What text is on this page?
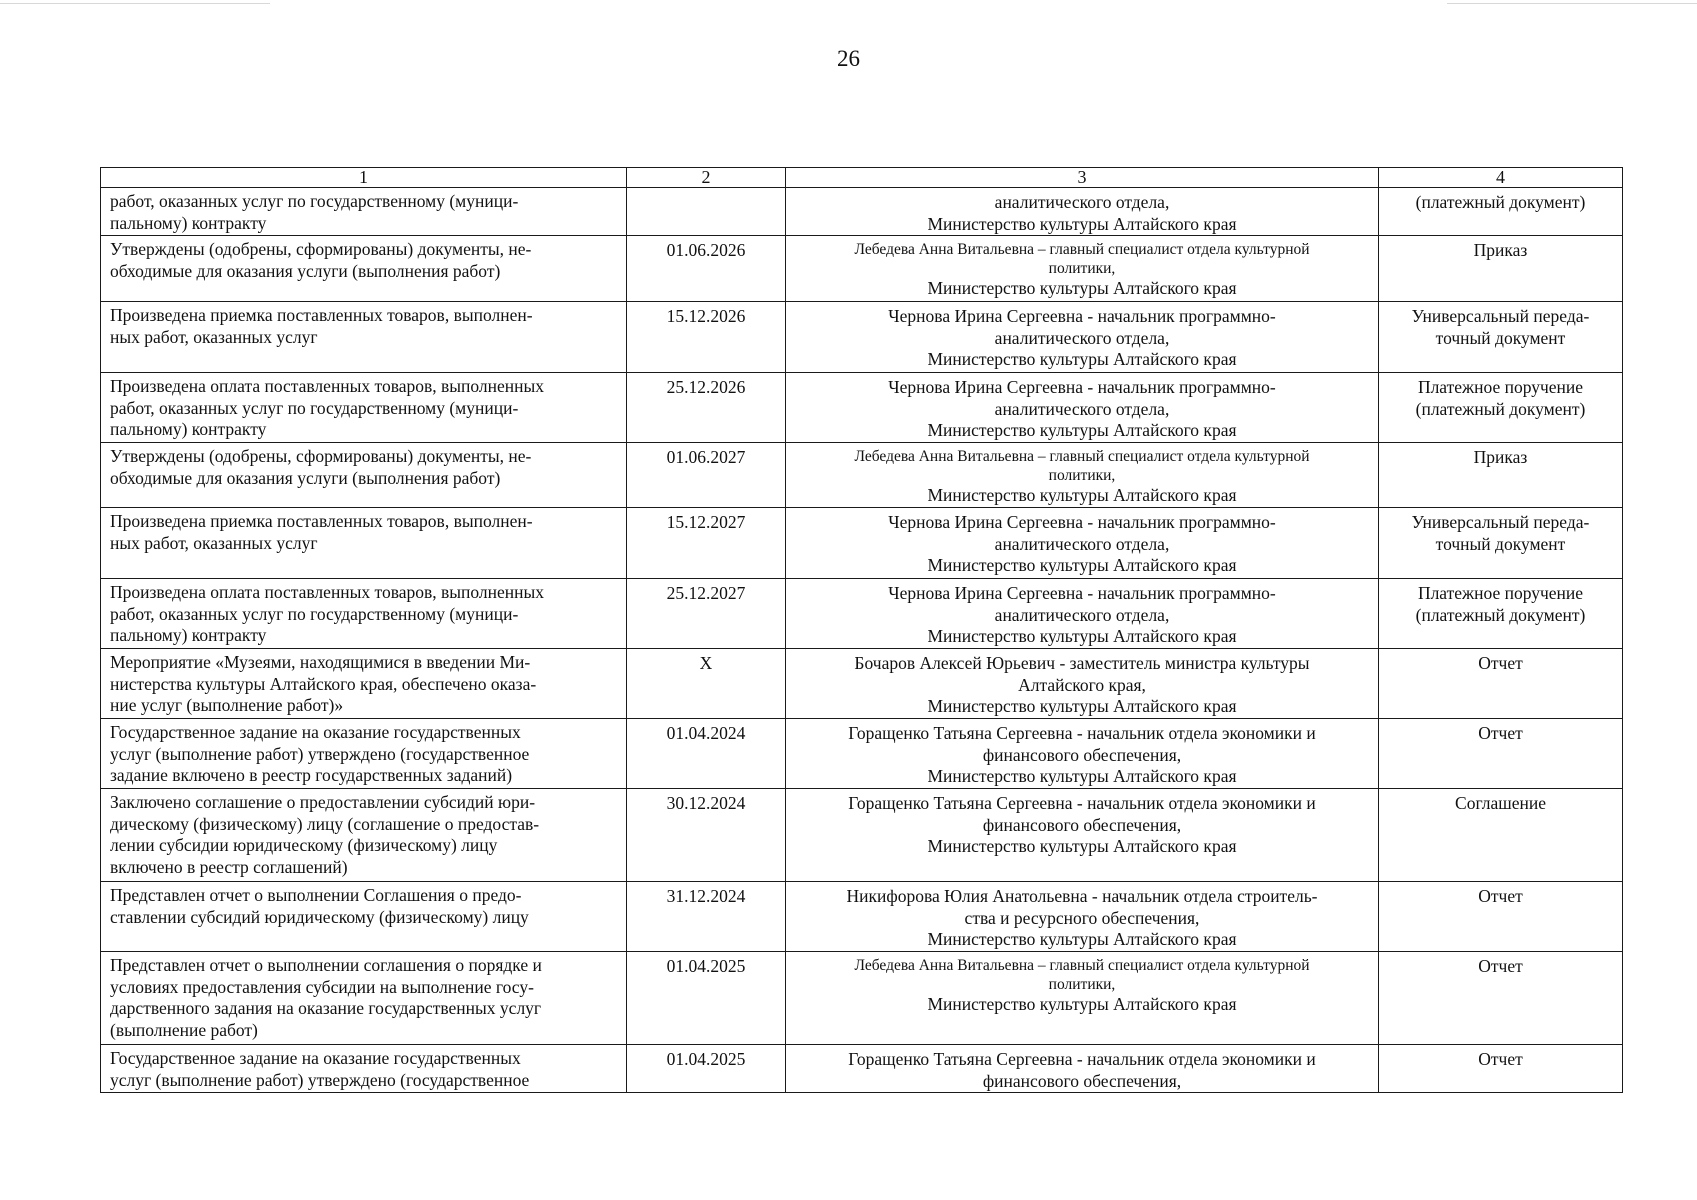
26
1	2	3	4

работ, оказанных услуг по государственному (муници-
пальному) контракту		аналитического отдела,
Министерство культуры Алтайского края	(платежный документ)

Утверждены (одобрены, сформированы) документы, не-
обходимые для оказания услуги (выполнения работ)	01.06.2026	Лебедева Анна Витальевна – главный специалист отдела культурной
политики,
Министерство культуры Алтайского края	Приказ

Произведена приемка поставленных товаров, выполнен-
ных работ, оказанных услуг	15.12.2026	Чернова Ирина Сергеевна - начальник программно-
аналитического отдела,
Министерство культуры Алтайского края	Универсальный переда-
точный документ

Произведена оплата поставленных товаров, выполненных
работ, оказанных услуг по государственному (муници-
пальному) контракту	25.12.2026	Чернова Ирина Сергеевна - начальник программно-
аналитического отдела,
Министерство культуры Алтайского края	Платежное поручение
(платежный документ)

Утверждены (одобрены, сформированы) документы, не-
обходимые для оказания услуги (выполнения работ)	01.06.2027	Лебедева Анна Витальевна – главный специалист отдела культурной
политики,
Министерство культуры Алтайского края	Приказ

Произведена приемка поставленных товаров, выполнен-
ных работ, оказанных услуг	15.12.2027	Чернова Ирина Сергеевна - начальник программно-
аналитического отдела,
Министерство культуры Алтайского края	Универсальный переда-
точный документ

Произведена оплата поставленных товаров, выполненных
работ, оказанных услуг по государственному (муници-
пальному) контракту	25.12.2027	Чернова Ирина Сергеевна - начальник программно-
аналитического отдела,
Министерство культуры Алтайского края	Платежное поручение
(платежный документ)

Мероприятие «Музеями, находящимися в введении Ми-
нистерства культуры Алтайского края, обеспечено оказа-
ние услуг (выполнение работ)»	X	Бочаров Алексей Юрьевич - заместитель министра культуры
Алтайского края,
Министерство культуры Алтайского края	Отчет

Государственное задание на оказание государственных
услуг (выполнение работ) утверждено (государственное
задание включено в реестр государственных заданий)	01.04.2024	Горащенко Татьяна Сергеевна - начальник отдела экономики и
финансового обеспечения,
Министерство культуры Алтайского края	Отчет

Заключено соглашение о предоставлении субсидий юри-
дическому (физическому) лицу (соглашение о предостав-
лении субсидии юридическому (физическому) лицу
включено в реестр соглашений)	30.12.2024	Горащенко Татьяна Сергеевна - начальник отдела экономики и
финансового обеспечения,
Министерство культуры Алтайского края	Соглашение

Представлен отчет о выполнении Соглашения о предо-
ставлении субсидий юридическому (физическому) лицу	31.12.2024	Никифорова Юлия Анатольевна - начальник отдела строитель-
ства и ресурсного обеспечения,
Министерство культуры Алтайского края	Отчет

Представлен отчет о выполнении соглашения о порядке и
условиях предоставления субсидии на выполнение госу-
дарственного задания на оказание государственных услуг
(выполнение работ)	01.04.2025	Лебедева Анна Витальевна – главный специалист отдела культурной
политики,
Министерство культуры Алтайского края	Отчет

Государственное задание на оказание государственных
услуг (выполнение работ) утверждено (государственное	01.04.2025	Горащенко Татьяна Сергеевна - начальник отдела экономики и
финансового обеспечения,	Отчет
